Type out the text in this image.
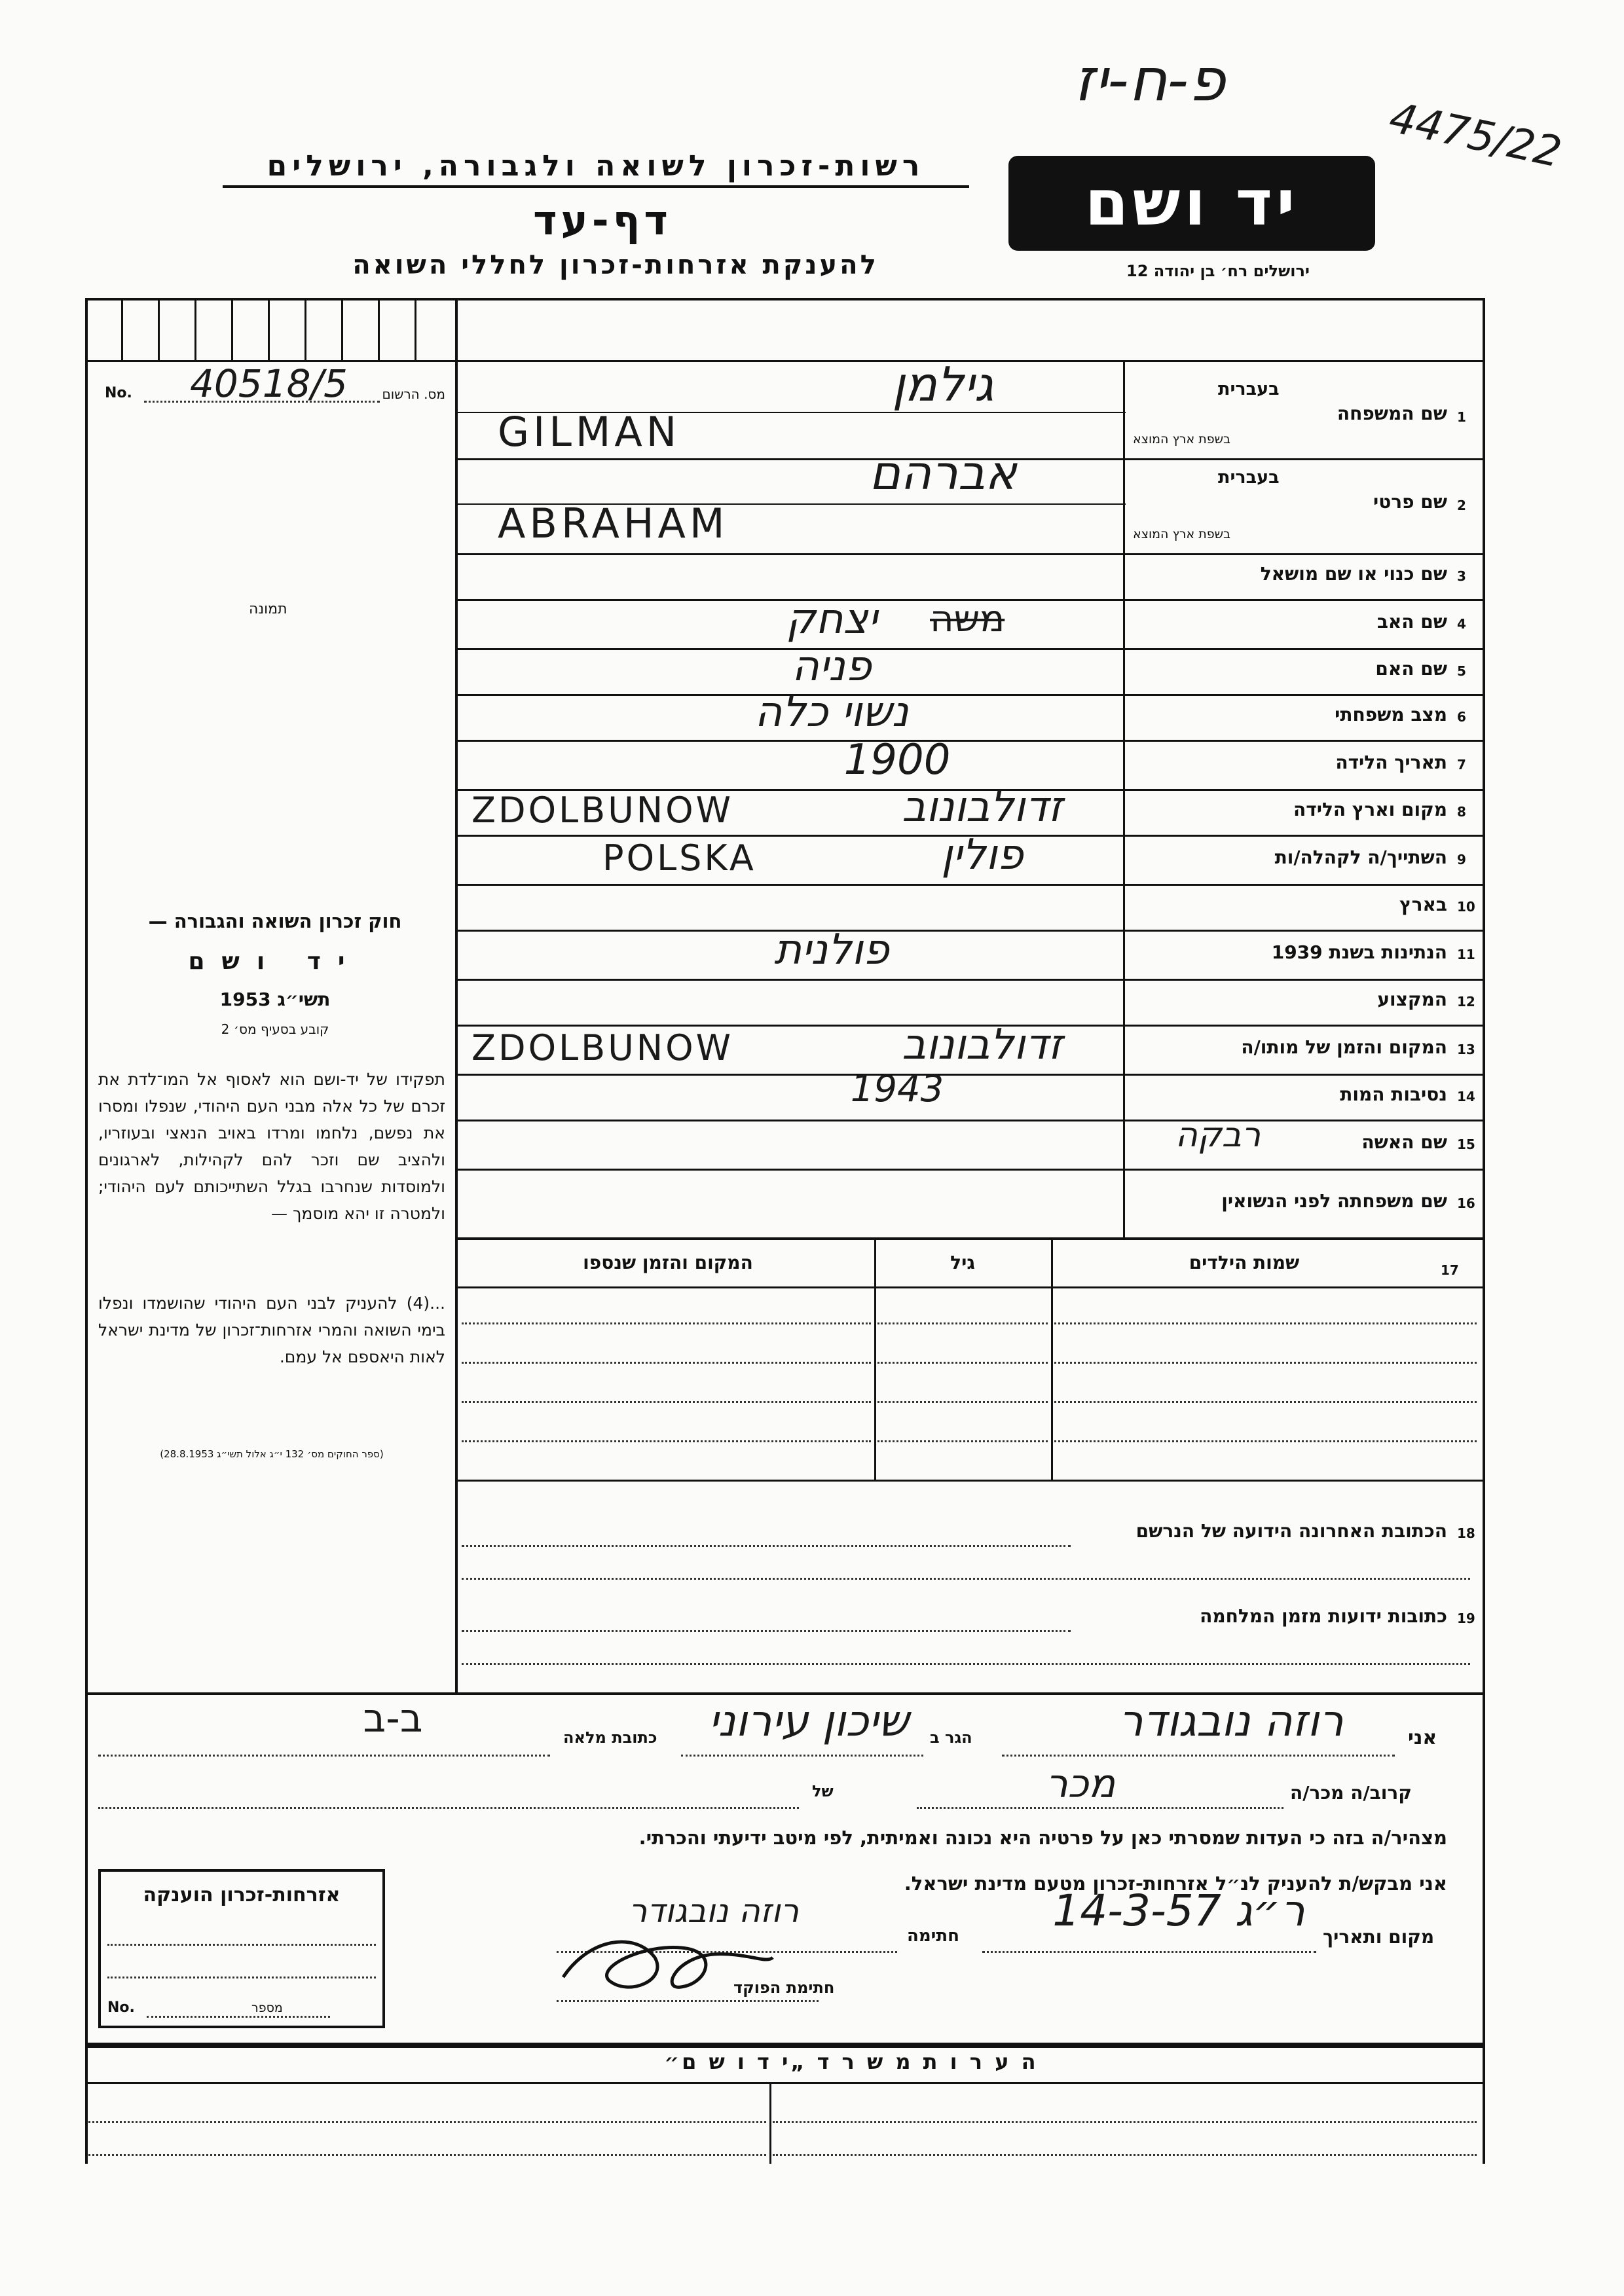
פ-ח-יז
4475/22
רשות-זכרון לשואה ולגבורה, ירושלים
דף-עד
להענקת אזרחות-זכרון לחללי השואה
יד ושם
ירושלים רח׳ בן יהודה 12
No. 40518/5	מס. הרשום
תמונה
חוק זכרון השואה והגבורה —
יד ושם
תשי״ג 1953
קובע בסעיף מס׳ 2
תפקידו של יד-ושם הוא לאסוף אל המו־לדת את זכרם של כל אלה מבני העם היהודי, שנפלו ומסרו את נפשם, נלחמו ומרדו באויב הנאצי ובעוזריו, ולהציב שם וזכר להם לקהילות, לארגונים ולמוסדות שנחרבו בגלל השתייכותם לעם היהודי; ולמטרה זו יהא מוסמך —
...(4) להעניק לבני העם היהודי שהושמדו ונפלו בימי השואה והמרי אזרחות־זכרון של מדינת ישראל לאות היאספם אל עמם.
(ספר החוקים מס׳ 132 י״ג אלול תשי״ג 28.8.1953)
1
שם המשפחה
בעברית
בשפת ארץ המוצא
גילמן
GILMAN
2
שם פרטי
בעברית
בשפת ארץ המוצא
אברהם
ABRAHAM
3
שם כנוי או שם מושאל
4
שם האב
יצחק	משה
5
שם האם
פניה
6
מצב משפחתי
נשוי כלה
7
תאריך הלידה
1900
8
מקום וארץ הלידה
ZDOLBUNOW	זדולבונוב
9
השתייך/ה לקהלה/ות
POLSKA	פולין
10
בארץ
11
הנתינות בשנת 1939
פולנית
12
המקצוע
13
המקום והזמן של מותו/ה
ZDOLBUNOW	זדולבונוב
14
נסיבות המות
1943
15
שם האשה
רבקה
16
שם משפחתה לפני הנשואין
17
שמות הילדים
גיל
המקום והזמן שנספו
18
הכתובת האחרונה הידועה של הנרשם
19
כתובות ידועות מזמן המלחמה
אני
רוזה נובגודר
הגר ב
שיכון עירוני
כתובת מלאה
ב-ב
קרוב/ה מכר/ה
מכר
של
מצהיר/ה בזה כי העדות שמסרתי כאן על פרטיה היא נכונה ואמיתית, לפי מיטב ידיעתי והכרתי.
אני מבקש/ת להעניק לנ״ל אזרחות-זכרון מטעם מדינת ישראל.
מקום ותאריך
ר״ג 14-3-57
חתימה
רוזה נובגודר
חתימת הפוקד
אזרחות-זכרון הוענקה
No.	מספר
ה ע ר ו ת מ ש ר ד „י ד ו ש ם״
